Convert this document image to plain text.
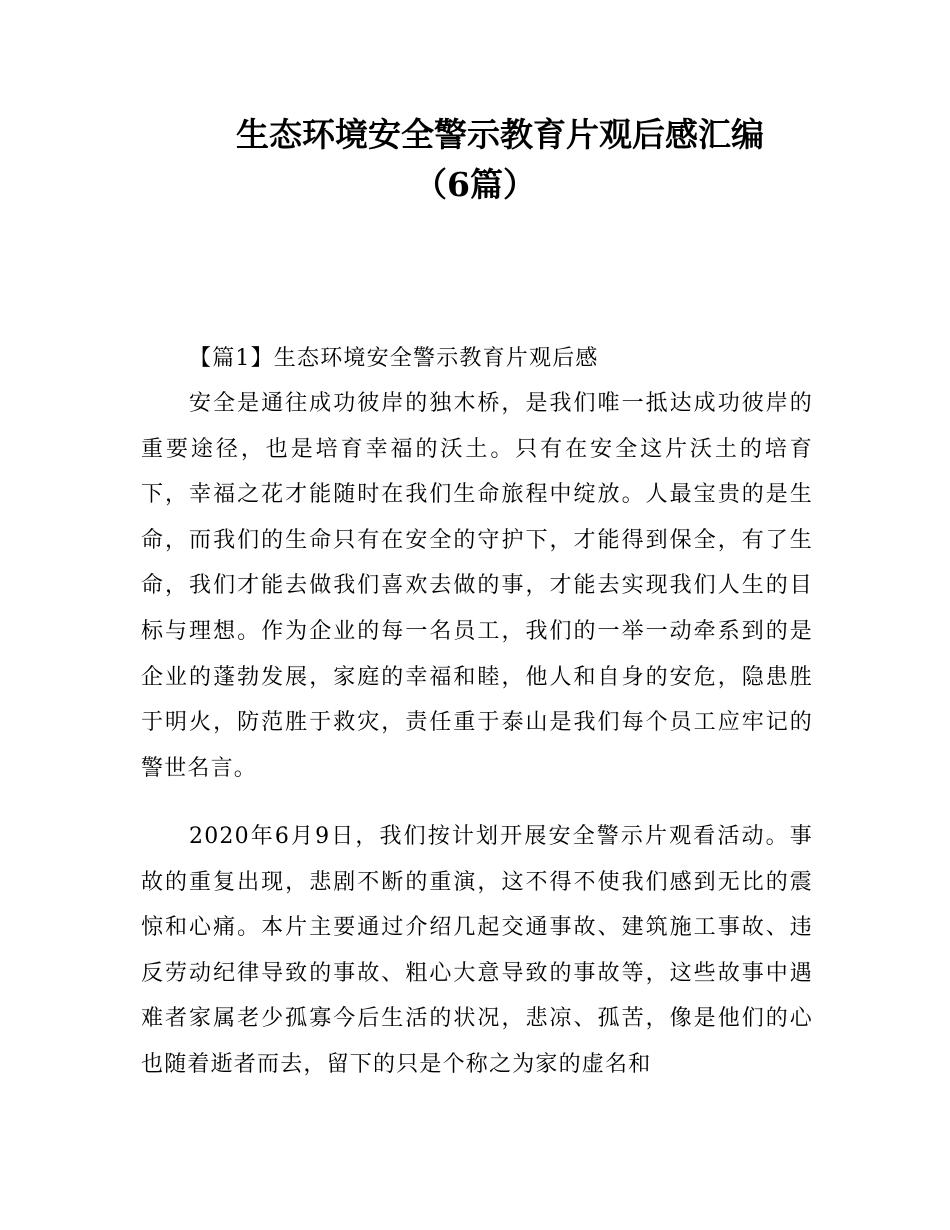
生态环境安全警示教育片观后感汇编
（6篇）
【篇1】生态环境安全警示教育片观后感

安全是通往成功彼岸的独木桥，是我们唯一抵达成功彼岸的重要途径，也是培育幸福的沃土。只有在安全这片沃土的培育下，幸福之花才能随时在我们生命旅程中绽放。人最宝贵的是生命，而我们的生命只有在安全的守护下，才能得到保全，有了生命，我们才能去做我们喜欢去做的事，才能去实现我们人生的目标与理想。作为企业的每一名员工，我们的一举一动牵系到的是企业的蓬勃发展，家庭的幸福和睦，他人和自身的安危，隐患胜于明火，防范胜于救灾，责任重于泰山是我们每个员工应牢记的警世名言。

2020年6月9日，我们按计划开展安全警示片观看活动。事故的重复出现，悲剧不断的重演，这不得不使我们感到无比的震惊和心痛。本片主要通过介绍几起交通事故、建筑施工事故、违反劳动纪律导致的事故、粗心大意导致的事故等，这些故事中遇难者家属老少孤寡今后生活的状况，悲凉、孤苦，像是他们的心也随着逝者而去，留下的只是个称之为家的虚名和
